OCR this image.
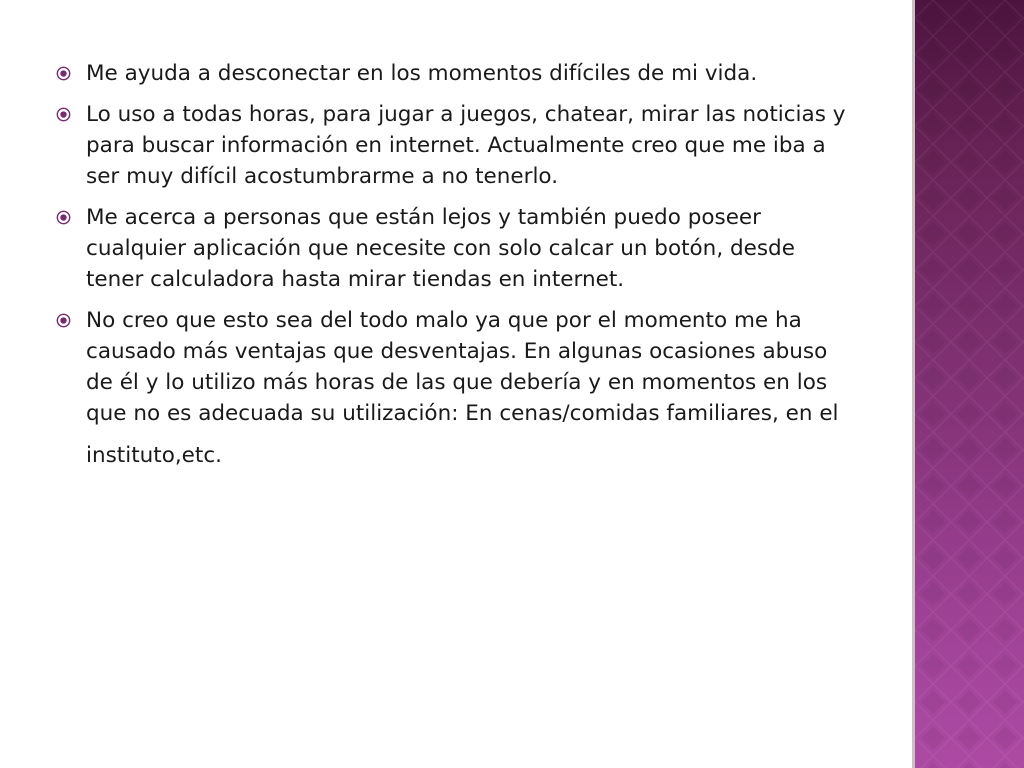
Me ayuda a desconectar en los momentos difíciles de mi vida.
Lo uso a todas horas, para jugar a juegos, chatear, mirar las noticias y para buscar información en internet. Actualmente creo que me iba a ser muy difícil acostumbrarme a no tenerlo.
Me acerca a personas que están lejos y también puedo poseer cualquier aplicación que necesite con solo calcar un botón, desde tener calculadora hasta mirar tiendas en internet.
No creo que esto sea del todo malo ya que por el momento me ha causado más ventajas que desventajas. En algunas ocasiones abuso de él y lo utilizo más horas de las que debería y en momentos en los que no es adecuada su utilización: En cenas/comidas familiares, en el
instituto,etc.
